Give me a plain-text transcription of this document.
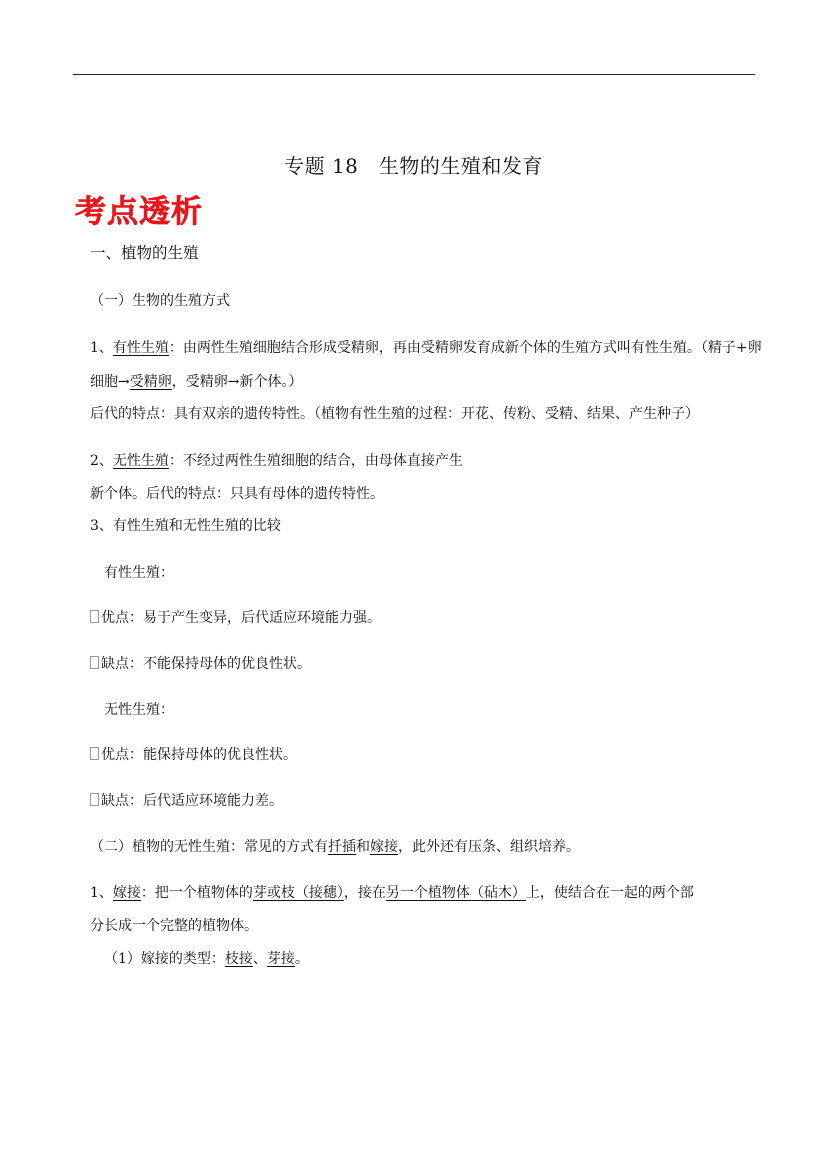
专题 18　生物的生殖和发育
考点透析
一、植物的生殖
（一）生物的生殖方式
1、有性生殖：由两性生殖细胞结合形成受精卵，再由受精卵发育成新个体的生殖方式叫有性生殖。（精子+卵
细胞→受精卵，受精卵→新个体。）
后代的特点：具有双亲的遗传特性。（植物有性生殖的过程：开花、传粉、受精、结果、产生种子）
2、无性生殖：不经过两性生殖细胞的结合，由母体直接产生
新个体。后代的特点：只具有母体的遗传特性。
3、有性生殖和无性生殖的比较
有性生殖：
优点：易于产生变异，后代适应环境能力强。
缺点：不能保持母体的优良性状。
无性生殖：
优点：能保持母体的优良性状。
缺点：后代适应环境能力差。
（二）植物的无性生殖：常见的方式有扦插和嫁接，此外还有压条、组织培养。
1、嫁接：把一个植物体的芽或枝（接穗），接在另一个植物体（砧木）上，使结合在一起的两个部
分长成一个完整的植物体。
（1）嫁接的类型：枝接、芽接。
